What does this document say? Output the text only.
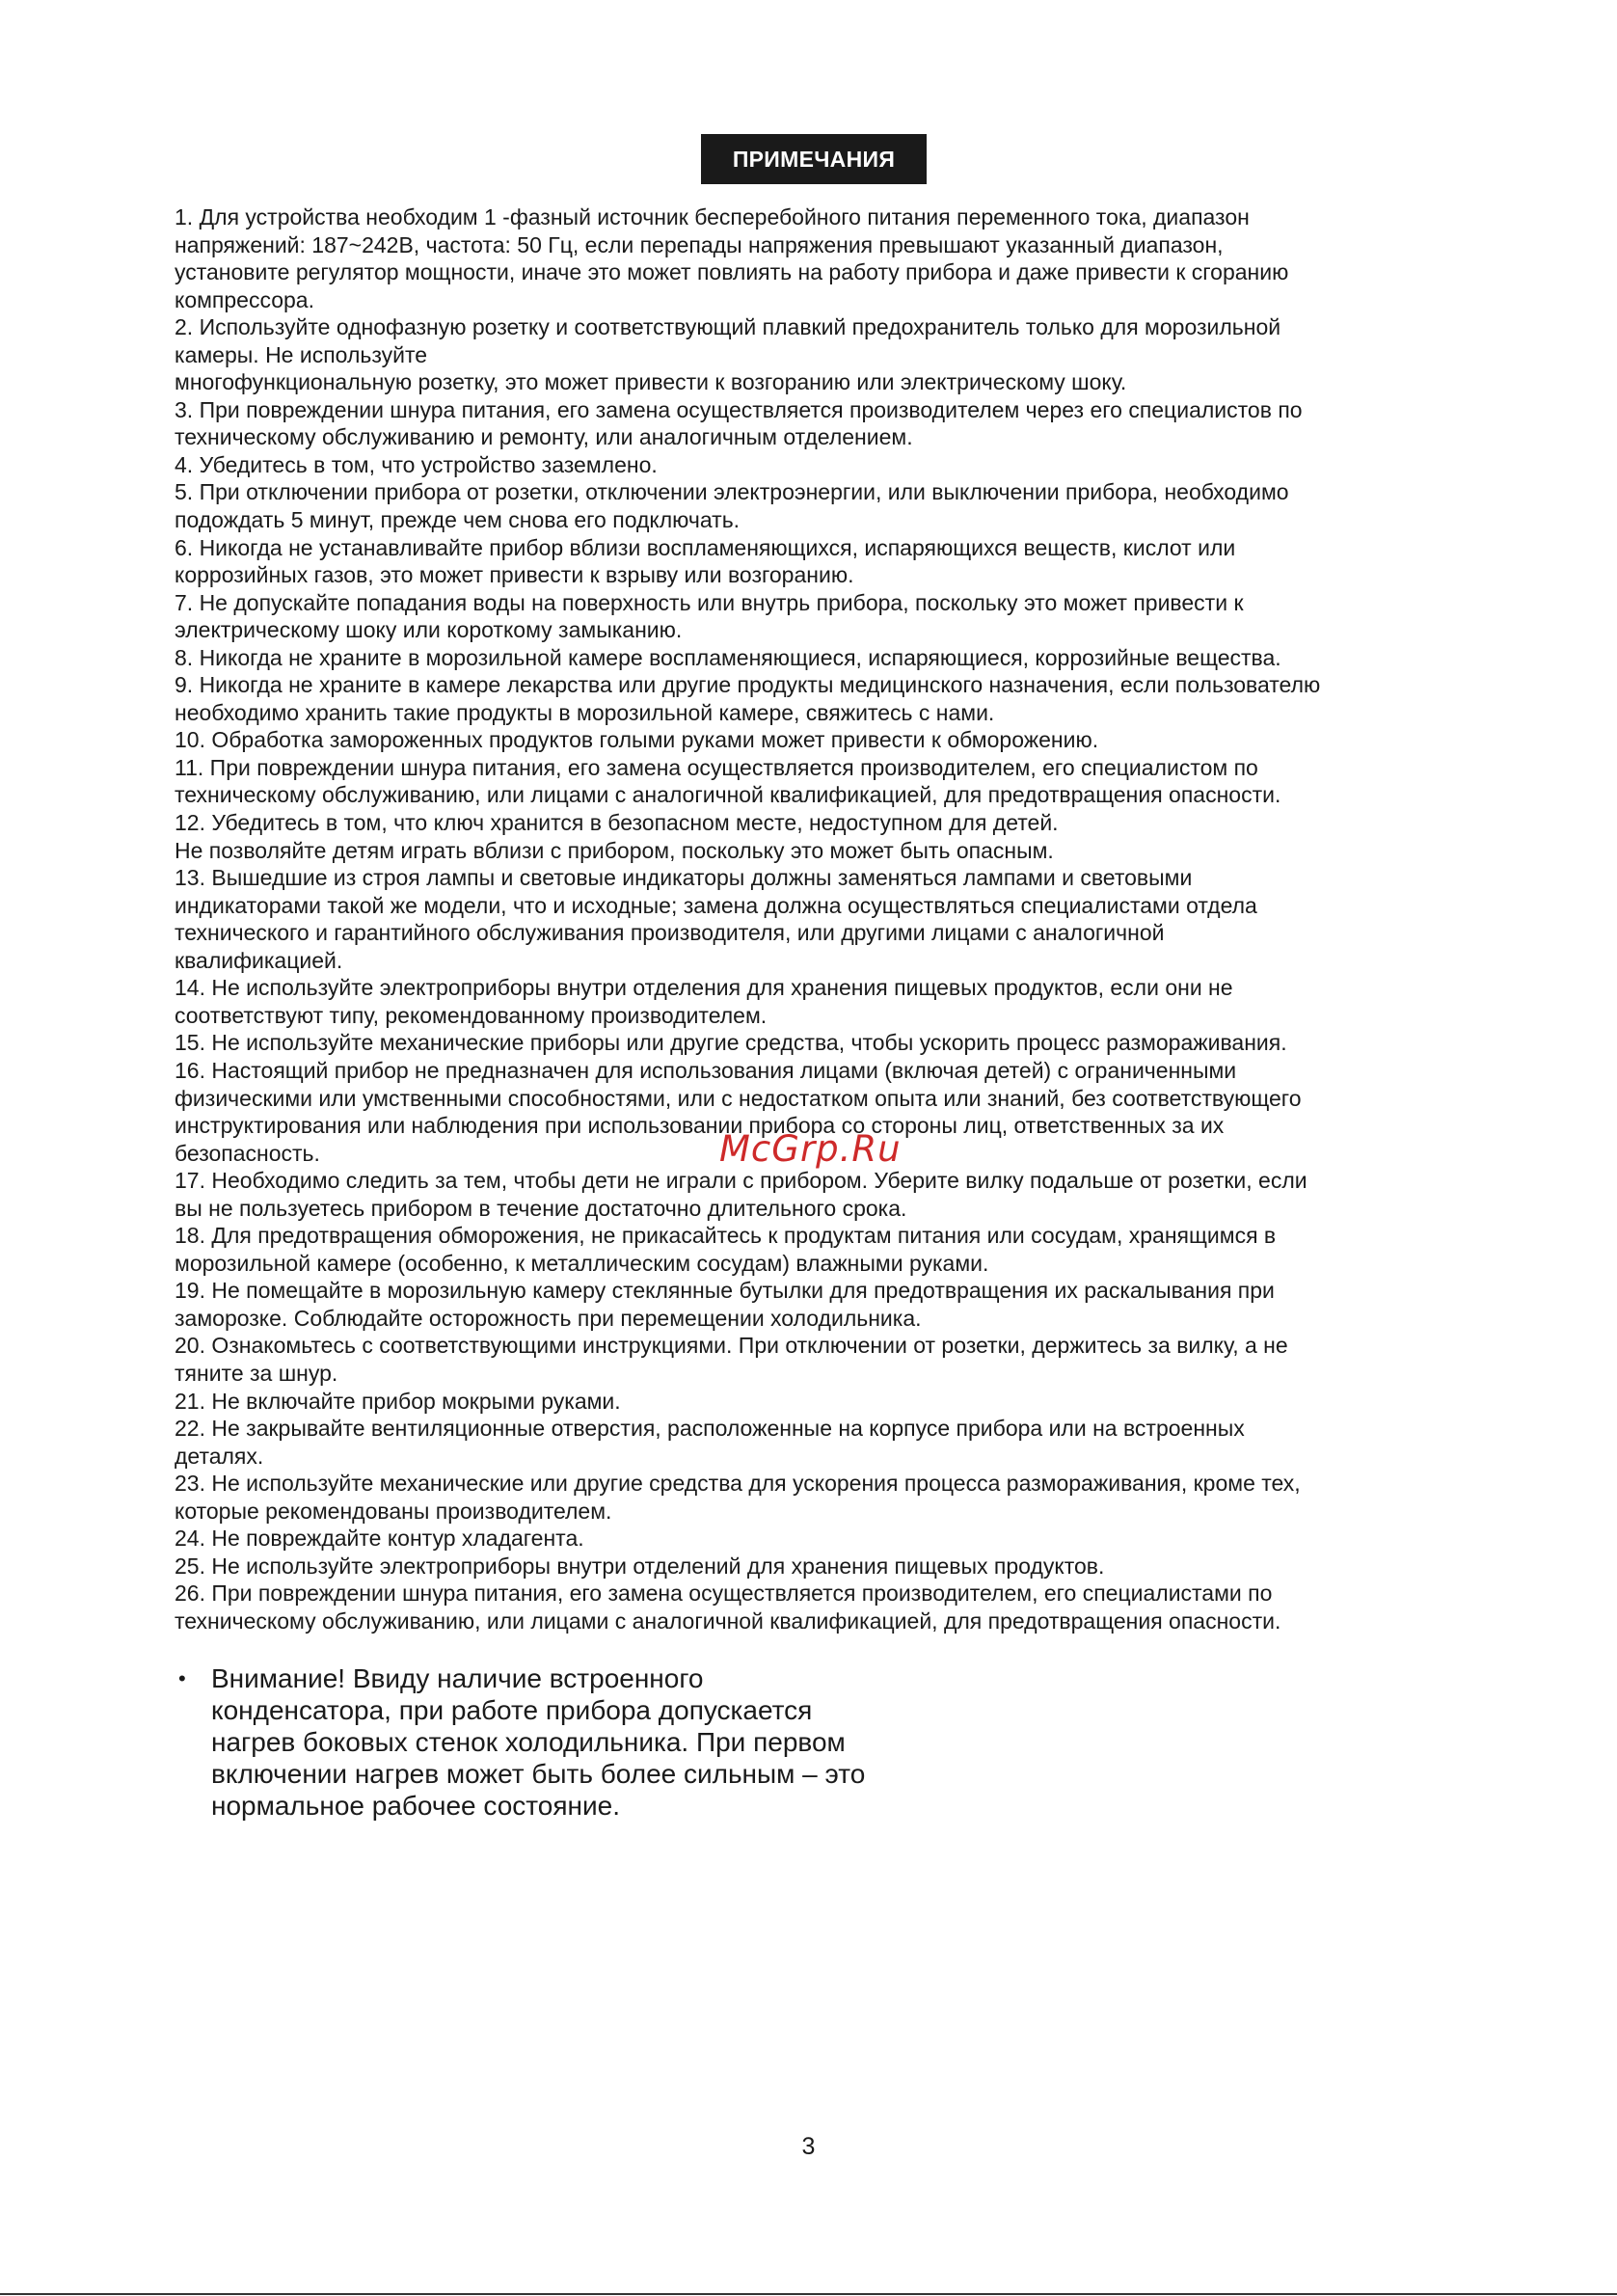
ПРИМЕЧАНИЯ
1. Для устройства необходим 1 -фазный источник бесперебойного питания переменного тока, диапазон
напряжений: 187~242В, частота: 50 Гц, если перепады напряжения превышают указанный диапазон,
установите регулятор мощности, иначе это может повлиять на работу прибора и даже привести к сгоранию
компрессора.
2. Используйте однофазную розетку и соответствующий плавкий предохранитель только для морозильной
камеры. Не используйте
многофункциональную розетку, это может привести к возгоранию или электрическому шоку.
3. При повреждении шнура питания, его замена осуществляется производителем через его специалистов по
техническому обслуживанию и ремонту, или аналогичным отделением.
4. Убедитесь в том, что устройство заземлено.
5. При отключении прибора от розетки, отключении электроэнергии, или выключении прибора, необходимо
подождать 5 минут, прежде чем снова его подключать.
6. Никогда не устанавливайте прибор вблизи воспламеняющихся, испаряющихся веществ, кислот или
коррозийных газов, это может привести к взрыву или возгоранию.
7. Не допускайте попадания воды на поверхность или внутрь прибора, поскольку это может привести к
электрическому шоку или короткому замыканию.
8. Никогда не храните в морозильной камере воспламеняющиеся, испаряющиеся, коррозийные вещества.
9. Никогда не храните в камере лекарства или другие продукты медицинского назначения, если пользователю
необходимо хранить такие продукты в морозильной камере, свяжитесь с нами.
10. Обработка замороженных продуктов голыми руками может привести к обморожению.
11. При повреждении шнура питания, его замена осуществляется производителем, его специалистом по
техническому обслуживанию, или лицами с аналогичной квалификацией, для предотвращения опасности.
12. Убедитесь в том, что ключ хранится в безопасном месте, недоступном для детей.
Не позволяйте детям играть вблизи с прибором, поскольку это может быть опасным.
13. Вышедшие из строя лампы и световые индикаторы должны заменяться лампами и световыми
индикаторами такой же модели, что и исходные; замена должна осуществляться специалистами отдела
технического и гарантийного обслуживания производителя, или другими лицами с аналогичной
квалификацией.
14. Не используйте электроприборы внутри отделения для хранения пищевых продуктов, если они не
соответствуют типу, рекомендованному производителем.
15. Не используйте механические приборы или другие средства, чтобы ускорить процесс размораживания.
16. Настоящий прибор не предназначен для использования лицами (включая детей) с ограниченными
физическими или умственными способностями, или с недостатком опыта или знаний, без соответствующего
инструктирования или наблюдения при использовании прибора со стороны лиц, ответственных за их
безопасность.
17. Необходимо следить за тем, чтобы дети не играли с прибором. Уберите вилку подальше от розетки, если
вы не пользуетесь прибором в течение достаточно длительного срока.
18. Для предотвращения обморожения, не прикасайтесь к продуктам питания или сосудам, хранящимся в
морозильной камере (особенно, к металлическим сосудам) влажными руками.
19. Не помещайте в морозильную камеру стеклянные бутылки для предотвращения их раскалывания при
заморозке. Соблюдайте осторожность при перемещении холодильника.
20. Ознакомьтесь с соответствующими инструкциями. При отключении от розетки, держитесь за вилку, а не
тяните за шнур.
21. Не включайте прибор мокрыми руками.
22. Не закрывайте вентиляционные отверстия, расположенные на корпусе прибора или на встроенных
деталях.
23. Не используйте механические или другие средства для ускорения процесса размораживания, кроме тех,
которые рекомендованы производителем.
24. Не повреждайте контур хладагента.
25. Не используйте электроприборы внутри отделений для хранения пищевых продуктов.
26. При повреждении шнура питания, его замена осуществляется производителем, его специалистами по
техническому обслуживанию, или лицами с аналогичной квалификацией, для предотвращения опасности.
• Внимание! Ввиду наличие встроенного
конденсатора, при работе прибора допускается
нагрев боковых стенок холодильника. При первом
включении нагрев может быть более сильным – это
нормальное рабочее состояние.
McGrp.Ru
3
